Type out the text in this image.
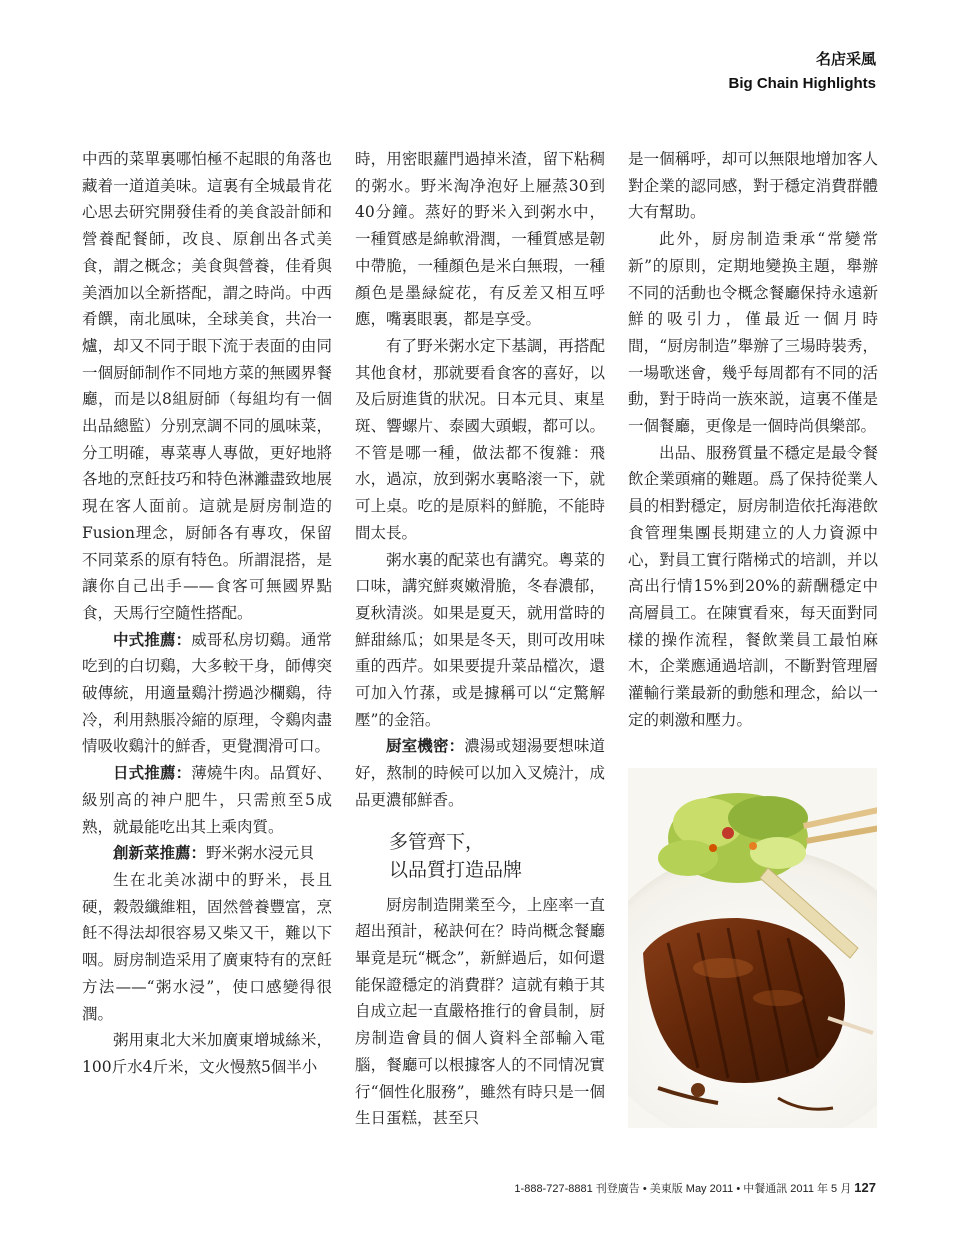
名店采風
Big Chain Highlights

中西的菜單裏哪怕極不起眼的角落也藏着一道道美味。這裏有全城最肯花心思去研究開發佳肴的美食設計師和營養配餐師，改良、原創出各式美食，謂之概念；美食與營養，佳肴與美酒加以全新搭配，謂之時尚。中西肴饌，南北風味，全球美食，共冶一爐，却又不同于眼下流于表面的由同一個厨師制作不同地方菜的無國界餐廳，而是以8組厨師（每組均有一個出品總監）分别烹調不同的風味菜，分工明確，專菜專人專做，更好地將各地的烹飪技巧和特色淋灕盡致地展現在客人面前。這就是厨房制造的Fusion理念，厨師各有專攻，保留不同菜系的原有特色。所謂混搭，是讓你自己出手——食客可無國界點食，天馬行空隨性搭配。

中式推薦：威哥私房切鷄。通常吃到的白切鷄，大多較干身，師傅突破傳統，用適量鷄汁撈過沙欄鷄，待冷，利用熱脹冷縮的原理，令鷄肉盡情吸收鷄汁的鮮香，更覺潤滑可口。

日式推薦：薄燒牛肉。品質好、級别高的神户肥牛，只需煎至5成熟，就最能吃出其上乘肉質。

創新菜推薦：野米粥水浸元貝

生在北美冰湖中的野米，長且硬，穀殼纖維粗，固然營養豐富，烹飪不得法却很容易又柴又干，難以下咽。厨房制造采用了廣東特有的烹飪方法——“粥水浸”，使口感變得很潤。

粥用東北大米加廣東增城絲米，100斤水4斤米，文火慢熬5個半小

時，用密眼蘿門過掉米渣，留下粘稠的粥水。野米淘净泡好上屜蒸30到40分鐘。蒸好的野米入到粥水中，一種質感是綿軟滑潤，一種質感是韌中帶脆，一種顏色是米白無瑕，一種顏色是墨緑綻花，有反差又相互呼應，嘴裏眼裏，都是享受。

有了野米粥水定下基調，再搭配其他食材，那就要看食客的喜好，以及后厨進貨的狀况。日本元貝、東星斑、響螺片、泰國大頭蝦，都可以。不管是哪一種，做法都不復雜：飛水，過凉，放到粥水裏略滚一下，就可上桌。吃的是原料的鮮脆，不能時間太長。

粥水裏的配菜也有講究。粵菜的口味，講究鮮爽嫩滑脆，冬春濃郁，夏秋清淡。如果是夏天，就用當時的鮮甜絲瓜；如果是冬天，則可改用味重的西芹。如果要提升菜品檔次，還可加入竹蓀，或是據稱可以“定驚解壓”的金箔。

厨室機密：濃湯或翅湯要想味道好，熬制的時候可以加入叉燒汁，成品更濃郁鮮香。

多管齊下，
以品質打造品牌

厨房制造開業至今，上座率一直超出預計，秘訣何在？時尚概念餐廳畢竟是玩“概念”，新鮮過后，如何還能保證穩定的消費群？這就有賴于其自成立起一直嚴格推行的會員制，厨房制造會員的個人資料全部輸入電腦，餐廳可以根據客人的不同情况實行“個性化服務”，雖然有時只是一個生日蛋糕，甚至只

是一個稱呼，却可以無限地增加客人對企業的認同感，對于穩定消費群體大有幫助。

此外，厨房制造秉承“常變常新”的原則，定期地變换主題，舉辦不同的活動也令概念餐廳保持永遠新鮮的吸引力，僅最近一個月時間，“厨房制造”舉辦了三場時裝秀，一場歌迷會，幾乎每周都有不同的活動，對于時尚一族來説，這裏不僅是一個餐廳，更像是一個時尚俱樂部。

出品、服務質量不穩定是最令餐飲企業頭痛的難題。爲了保持從業人員的相對穩定，厨房制造依托海港飲食管理集團長期建立的人力資源中心，對員工實行階梯式的培訓，并以高出行情15%到20%的薪酬穩定中高層員工。在陳實看來，每天面對同樣的操作流程，餐飲業員工最怕麻木，企業應通過培訓，不斷對管理層灌輸行業最新的動態和理念，給以一定的刺激和壓力。

1-888-727-8881 刊登廣告 • 美東版 May 2011 • 中餐通訊 2011 年 5 月 127
